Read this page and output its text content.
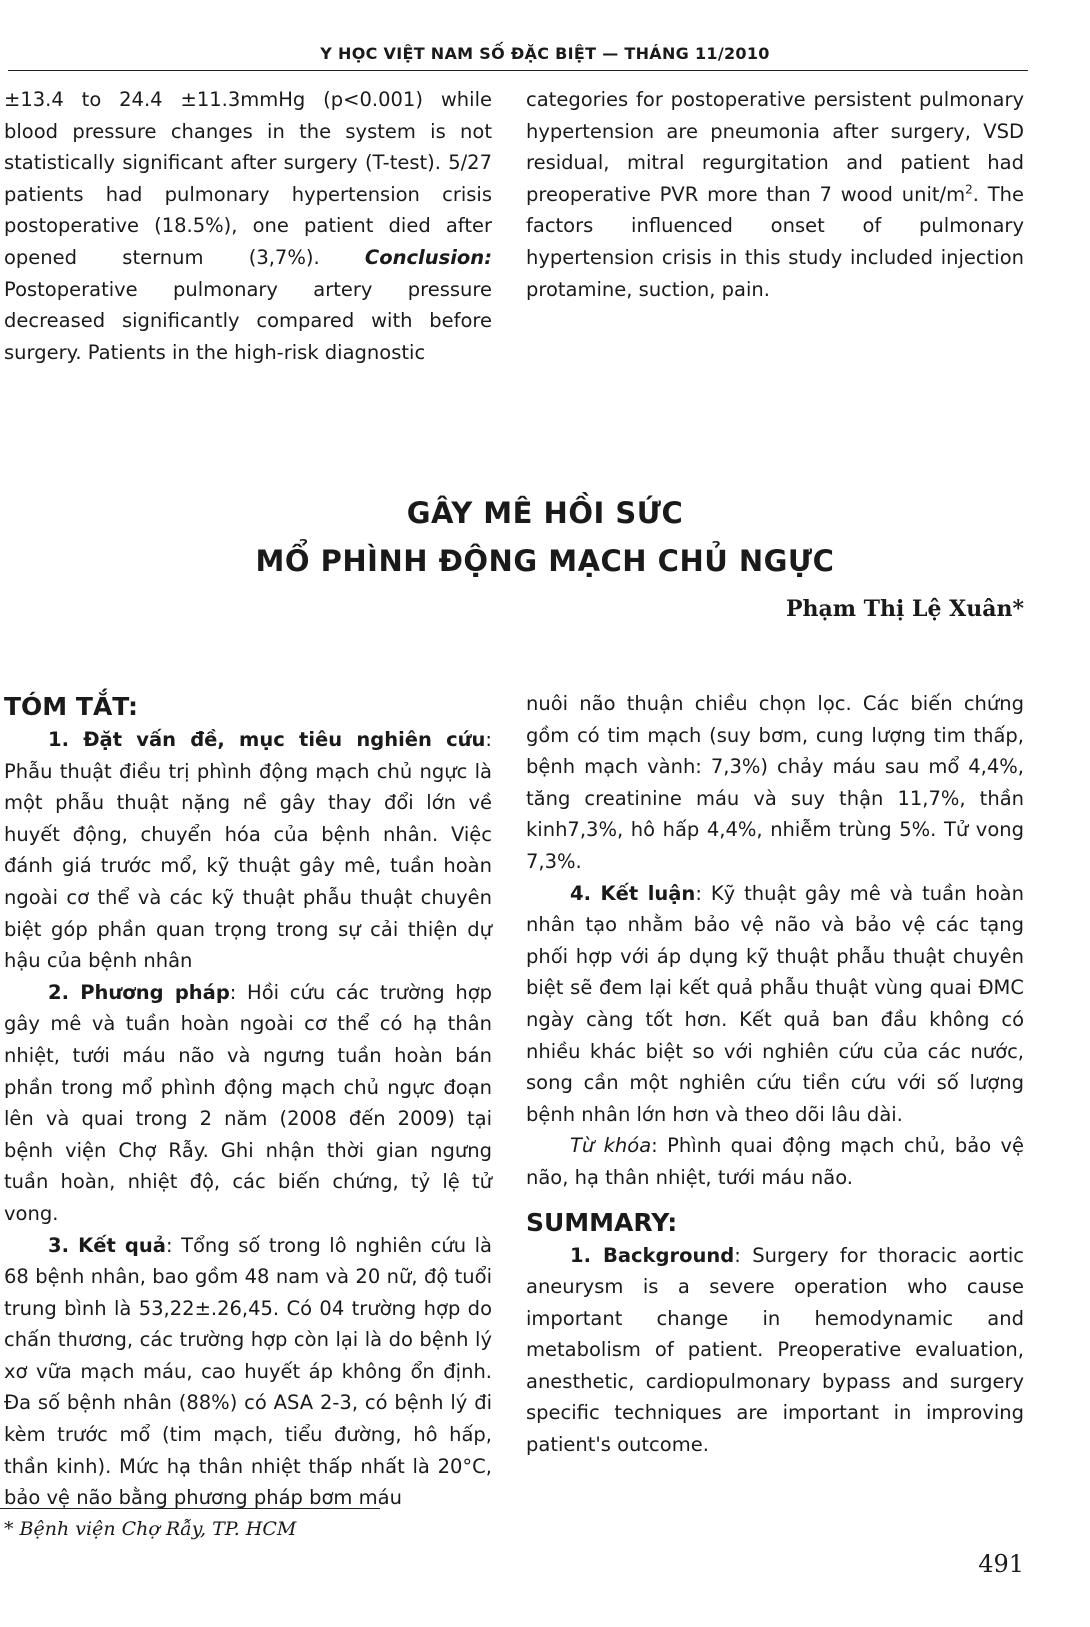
Y HỌC VIỆT NAM SỐ ĐẶC BIỆT — THÁNG 11/2010

±13.4 to 24.4 ±11.3mmHg (p<0.001) while blood pressure changes in the system is not statistically significant after surgery (T-test). 5/27 patients had pulmonary hypertension crisis postoperative (18.5%), one patient died after opened sternum (3,7%). Conclusion: Postoperative pulmonary artery pressure decreased significantly compared with before surgery. Patients in the high-risk diagnostic

categories for postoperative persistent pulmonary hypertension are pneumonia after surgery, VSD residual, mitral regurgitation and patient had preoperative PVR more than 7 wood unit/$m^2$. The factors influenced onset of pulmonary hypertension crisis in this study included injection protamine, suction, pain.

GÂY MÊ HỒI SỨC
MỔ PHÌNH ĐỘNG MẠCH CHỦ NGỰC
Phạm Thị Lệ Xuân*

TÓM TẮT:

1. Đặt vấn đề, mục tiêu nghiên cứu: Phẫu thuật điều trị phình động mạch chủ ngực là một phẫu thuật nặng nề gây thay đổi lớn về huyết động, chuyển hóa của bệnh nhân. Việc đánh giá trước mổ, kỹ thuật gây mê, tuần hoàn ngoài cơ thể và các kỹ thuật phẫu thuật chuyên biệt góp phần quan trọng trong sự cải thiện dự hậu của bệnh nhân

2. Phương pháp: Hồi cứu các trường hợp gây mê và tuần hoàn ngoài cơ thể có hạ thân nhiệt, tưới máu não và ngưng tuần hoàn bán phần trong mổ phình động mạch chủ ngực đoạn lên và quai trong 2 năm (2008 đến 2009) tại bệnh viện Chợ Rẫy. Ghi nhận thời gian ngưng tuần hoàn, nhiệt độ, các biến chứng, tỷ lệ tử vong.

3. Kết quả: Tổng số trong lô nghiên cứu là 68 bệnh nhân, bao gồm 48 nam và 20 nữ, độ tuổi trung bình là 53,22±.26,45. Có 04 trường hợp do chấn thương, các trường hợp còn lại là do bệnh lý xơ vữa mạch máu, cao huyết áp không ổn định. Đa số bệnh nhân (88%) có ASA 2-3, có bệnh lý đi kèm trước mổ (tim mạch, tiểu đường, hô hấp, thần kinh). Mức hạ thân nhiệt thấp nhất là 20°C, bảo vệ não bằng phương pháp bơm máu

nuôi não thuận chiều chọn lọc. Các biến chứng gồm có tim mạch (suy bơm, cung lượng tim thấp, bệnh mạch vành: 7,3%) chảy máu sau mổ 4,4%, tăng creatinine máu và suy thận 11,7%, thần kinh7,3%, hô hấp 4,4%, nhiễm trùng 5%. Tử vong 7,3%.

4. Kết luận: Kỹ thuật gây mê và tuần hoàn nhân tạo nhằm bảo vệ não và bảo vệ các tạng phối hợp với áp dụng kỹ thuật phẫu thuật chuyên biệt sẽ đem lại kết quả phẫu thuật vùng quai ĐMC ngày càng tốt hơn. Kết quả ban đầu không có nhiều khác biệt so với nghiên cứu của các nước, song cần một nghiên cứu tiền cứu với số lượng bệnh nhân lớn hơn và theo dõi lâu dài.

Từ khóa: Phình quai động mạch chủ, bảo vệ não, hạ thân nhiệt, tưới máu não.

SUMMARY:

1. Background: Surgery for thoracic aortic aneurysm is a severe operation who cause important change in hemodynamic and metabolism of patient. Preoperative evaluation, anesthetic, cardiopulmonary bypass and surgery specific techniques are important in improving patient's outcome.

* Bệnh viện Chợ Rẫy, TP. HCM
491
